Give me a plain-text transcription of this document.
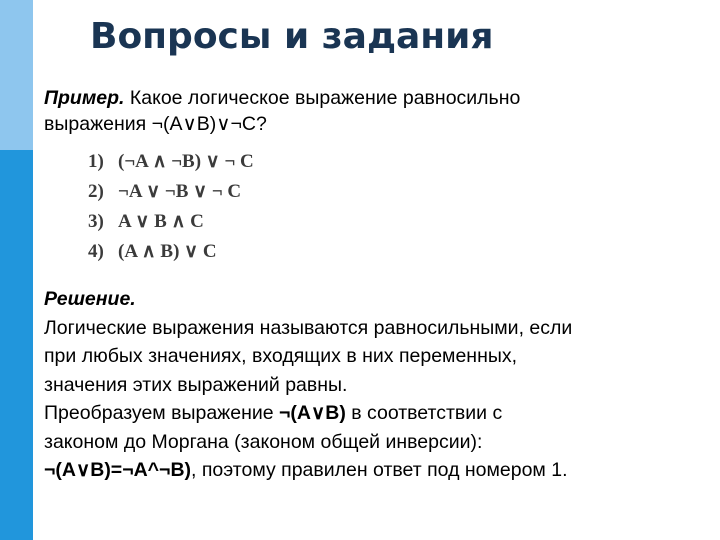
Вопросы и задания
Пример. Какое логическое выражение равносильно
выражения ¬(A∨B)∨¬C?
1) (¬A ∧ ¬B) ∨ ¬ C
2) ¬A ∨ ¬B ∨ ¬ C
3) A ∨ B ∧ C
4) (A ∧ B) ∨ C
Решение.
Логические выражения называются равносильными, если
при любых значениях, входящих в них переменных,
значения этих выражений равны.
Преобразуем выражение ¬(A∨B) в соответствии с
законом до Моргана (законом общей инверсии):
¬(A∨B)=¬A^¬B), поэтому правилен ответ под номером 1.
